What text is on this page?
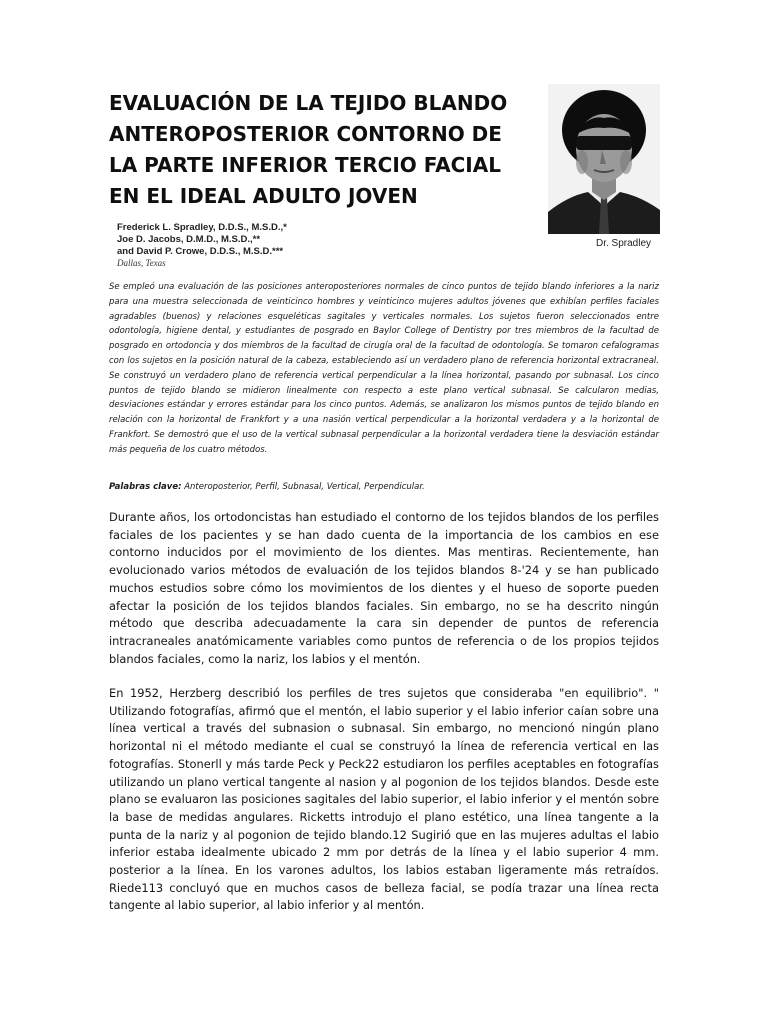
EVALUACIÓN DE LA TEJIDO BLANDO
ANTEROPOSTERIOR CONTORNO DE
LA PARTE INFERIOR TERCIO FACIAL
EN EL IDEAL ADULTO JOVEN
Frederick L. Spradley, D.D.S., M.S.D.,*
Joe D. Jacobs, D.M.D., M.S.D.,**
and David P. Crowe, D.D.S., M.S.D.***
Dallas, Texas
Dr. Spradley

Se empleó una evaluación de las posiciones anteroposteriores normales de cinco puntos de tejido blando inferiores a la nariz para una muestra seleccionada de veinticinco hombres y veinticinco mujeres adultos jóvenes que exhibían perfiles faciales agradables (buenos) y relaciones esqueléticas sagitales y verticales normales. Los sujetos fueron seleccionados entre odontología, higiene dental, y estudiantes de posgrado en Baylor College of Dentistry por tres miembros de la facultad de posgrado en ortodoncia y dos miembros de la facultad de cirugía oral de la facultad de odontología. Se tomaron cefalogramas con los sujetos en la posición natural de la cabeza, estableciendo así un verdadero plano de referencia horizontal extracraneal. Se construyó un verdadero plano de referencia vertical perpendicular a la línea horizontal, pasando por subnasal. Los cinco puntos de tejido blando se midieron linealmente con respecto a este plano vertical subnasal. Se calcularon medias, desviaciones estándar y errores estándar para los cinco puntos. Además, se analizaron los mismos puntos de tejido blando en relación con la horizontal de Frankfort y a una nasión vertical perpendicular a la horizontal verdadera y a la horizontal de Frankfort. Se demostró que el uso de la vertical subnasal perpendicular a la horizontal verdadera tiene la desviación estándar más pequeña de los cuatro métodos.

Palabras clave: Anteroposterior, Perfil, Subnasal, Vertical, Perpendicular.

Durante años, los ortodoncistas han estudiado el contorno de los tejidos blandos de los perfiles faciales de los pacientes y se han dado cuenta de la importancia de los cambios en ese contorno inducidos por el movimiento de los dientes. Mas mentiras. Recientemente, han evolucionado varios métodos de evaluación de los tejidos blandos 8-'24 y se han publicado muchos estudios sobre cómo los movimientos de los dientes y el hueso de soporte pueden afectar la posición de los tejidos blandos faciales. Sin embargo, no se ha descrito ningún método que describa adecuadamente la cara sin depender de puntos de referencia intracraneales anatómicamente variables como puntos de referencia o de los propios tejidos blandos faciales, como la nariz, los labios y el mentón.

En 1952, Herzberg describió los perfiles de tres sujetos que consideraba "en equilibrio". " Utilizando fotografías, afirmó que el mentón, el labio superior y el labio inferior caían sobre una línea vertical a través del subnasion o subnasal. Sin embargo, no mencionó ningún plano horizontal ni el método mediante el cual se construyó la línea de referencia vertical en las fotografías. Stonerll y más tarde Peck y Peck22 estudiaron los perfiles aceptables en fotografías utilizando un plano vertical tangente al nasion y al pogonion de los tejidos blandos. Desde este plano se evaluaron las posiciones sagitales del labio superior, el labio inferior y el mentón sobre la base de medidas angulares. Ricketts introdujo el plano estético, una línea tangente a la punta de la nariz y al pogonion de tejido blando.12 Sugirió que en las mujeres adultas el labio inferior estaba idealmente ubicado 2 mm por detrás de la línea y el labio superior 4 mm. posterior a la línea. En los varones adultos, los labios estaban ligeramente más retraídos. Riede113 concluyó que en muchos casos de belleza facial, se podía trazar una línea recta tangente al labio superior, al labio inferior y al mentón.
